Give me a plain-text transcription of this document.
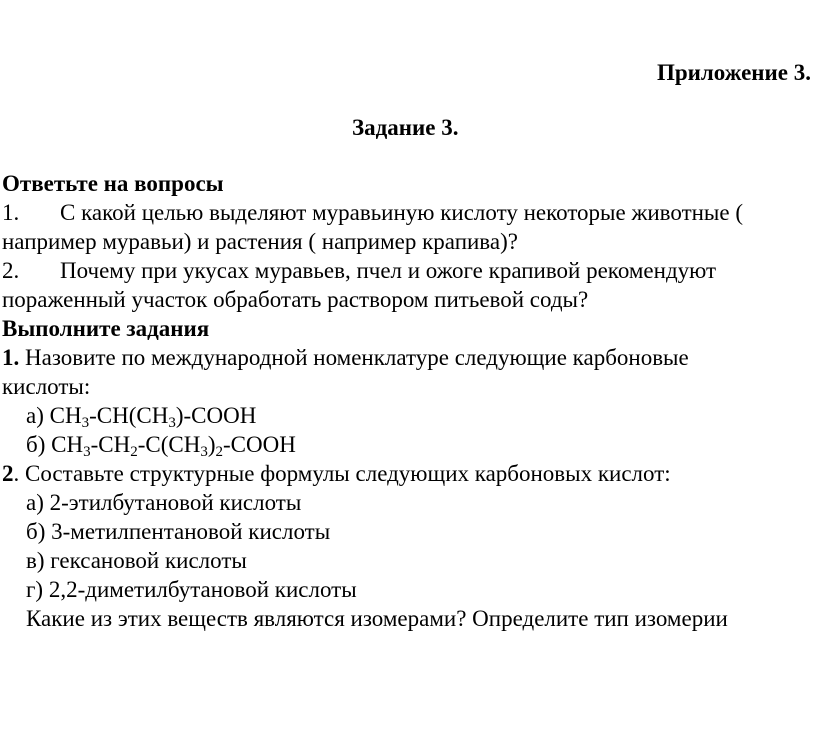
Приложение 3.
Задание 3.
Ответьте на вопросы
1. С какой целью выделяют муравьиную кислоту некоторые животные (
например муравьи) и растения ( например крапива)?
2. Почему при укусах муравьев, пчел и ожоге крапивой рекомендуют
пораженный участок обработать раствором питьевой соды?
Выполните задания
1. Назовите по международной номенклатуре следующие карбоновые
кислоты:
а) $CH_3-CH(CH_3)$-COOH
б) $CH_3-CH_2-C(CH_3)_2$-COOH
2. Составьте структурные формулы следующих карбоновых кислот:
а) 2-этилбутановой кислоты
б) 3-метилпентановой кислоты
в) гексановой кислоты
г) 2,2-диметилбутановой кислоты
Какие из этих веществ являются изомерами? Определите тип изомерии
